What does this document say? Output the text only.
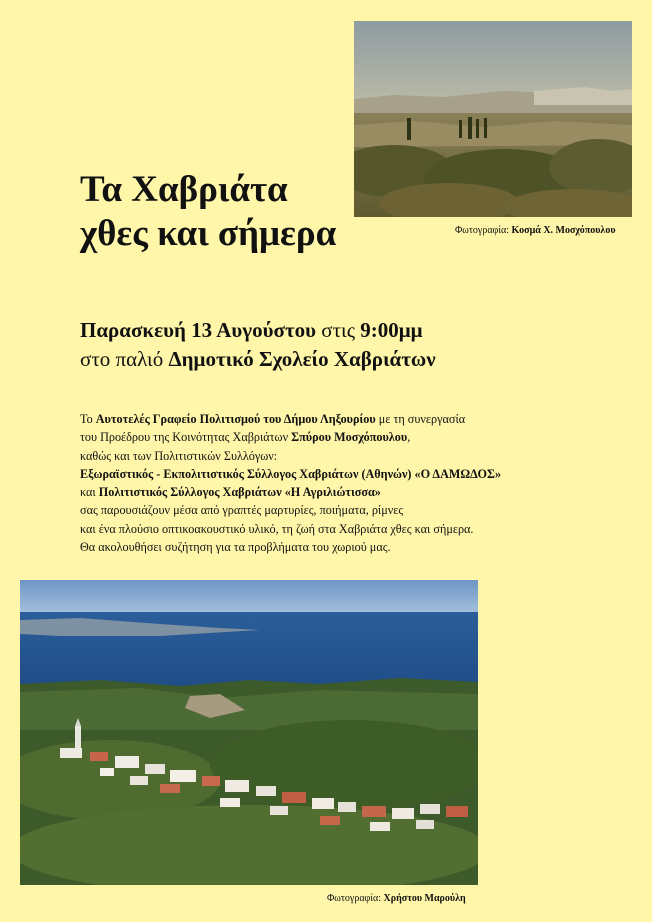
Φωτογραφία: Κοσμά Χ. Μοσχόπουλου
Τα Χαβριάτα
χθες και σήμερα
Παρασκευή 13 Αυγούστου στις 9:00μμ
στο παλιό Δημοτικό Σχολείο Χαβριάτων
Το Αυτοτελές Γραφείο Πολιτισμού του Δήμου Ληξουρίου με τη συνεργασία
του Προέδρου της Κοινότητας Χαβριάτων Σπύρου Μοσχόπουλου,
καθώς και των Πολιτιστικών Συλλόγων:
Εξωραϊστικός - Εκπολιτιστικός Σύλλογος Χαβριάτων (Αθηνών) «Ο ΔΑΜΩΔΟΣ»
και Πολιτιστικός Σύλλογος Χαβριάτων «Η Αγριλιώτισσα»
σας παρουσιάζουν μέσα από γραπτές μαρτυρίες, ποιήματα, ρίμνες
και ένα πλούσιο οπτικοακουστικό υλικό, τη ζωή στα Χαβριάτα χθες και σήμερα.
Θα ακολουθήσει συζήτηση για τα προβλήματα του χωριού μας.
Φωτογραφία: Χρήστου Μαρούλη
